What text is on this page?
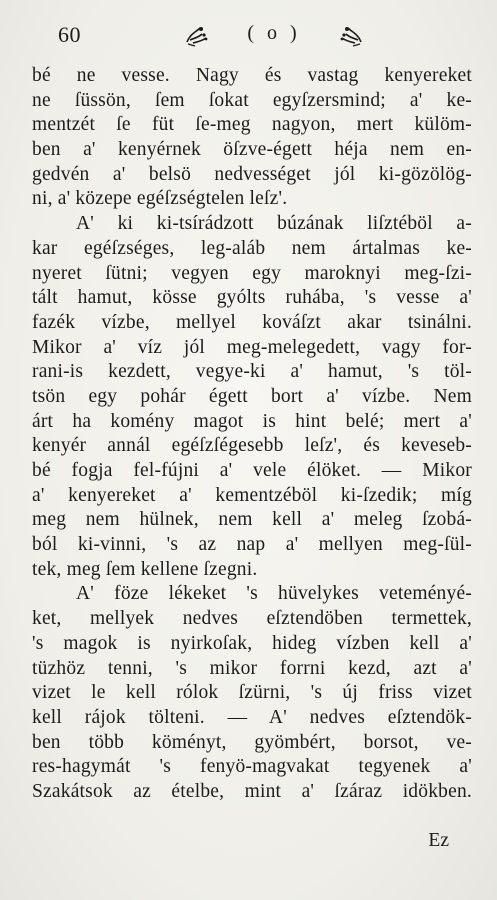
60	( o )
bé ne vesse. Nagy és vastag kenyereket
ne ſüssön, ſem ſokat egyſzersmind; a' ke-
mentzét ſe füt ſe-meg nagyon, mert külöm-
ben a' kenyérnek öſzve-égett héja nem en-
gedvén a' belsö nedvességet jól ki-gözölög-
ni, a' közepe egéſzségtelen leſz'.
A' ki ki-tsírádzott búzának liſztéböl a-
kar egéſzséges, leg-aláb nem ártalmas ke-
nyeret ſütni; vegyen egy maroknyi meg-ſzi-
tált hamut, kösse gyólts ruhába, 's vesse a'
fazék vízbe, mellyel kováſzt akar tsinálni.
Mikor a' víz jól meg-melegedett, vagy for-
rani-is kezdett, vegye-ki a' hamut, 's töl-
tsön egy pohár égett bort a' vízbe. Nem
árt ha komény magot is hint belé; mert a'
kenyér annál egéſzſégesebb leſz', és keveseb-
bé fogja fel-fújni a' vele élöket. — Mikor
a' kenyereket a' kementzéböl ki-ſzedik; míg
meg nem hülnek, nem kell a' meleg ſzobá-
ból ki-vinni, 's az nap a' mellyen meg-ſül-
tek, meg ſem kellene ſzegni.
A' föze lékeket 's hüvelykes veteményé-
ket, mellyek nedves eſztendöben termettek,
's magok is nyirkoſak, hideg vízben kell a'
tüzhöz tenni, 's mikor forrni kezd, azt a'
vizet le kell rólok ſzürni, 's új friss vizet
kell rájok tölteni. — A' nedves eſztendök-
ben több köményt, gyömbért, borsot, ve-
res-hagymát 's fenyö-magvakat tegyenek a'
Szakátsok az ételbe, mint a' ſzáraz idökben.
Ez
